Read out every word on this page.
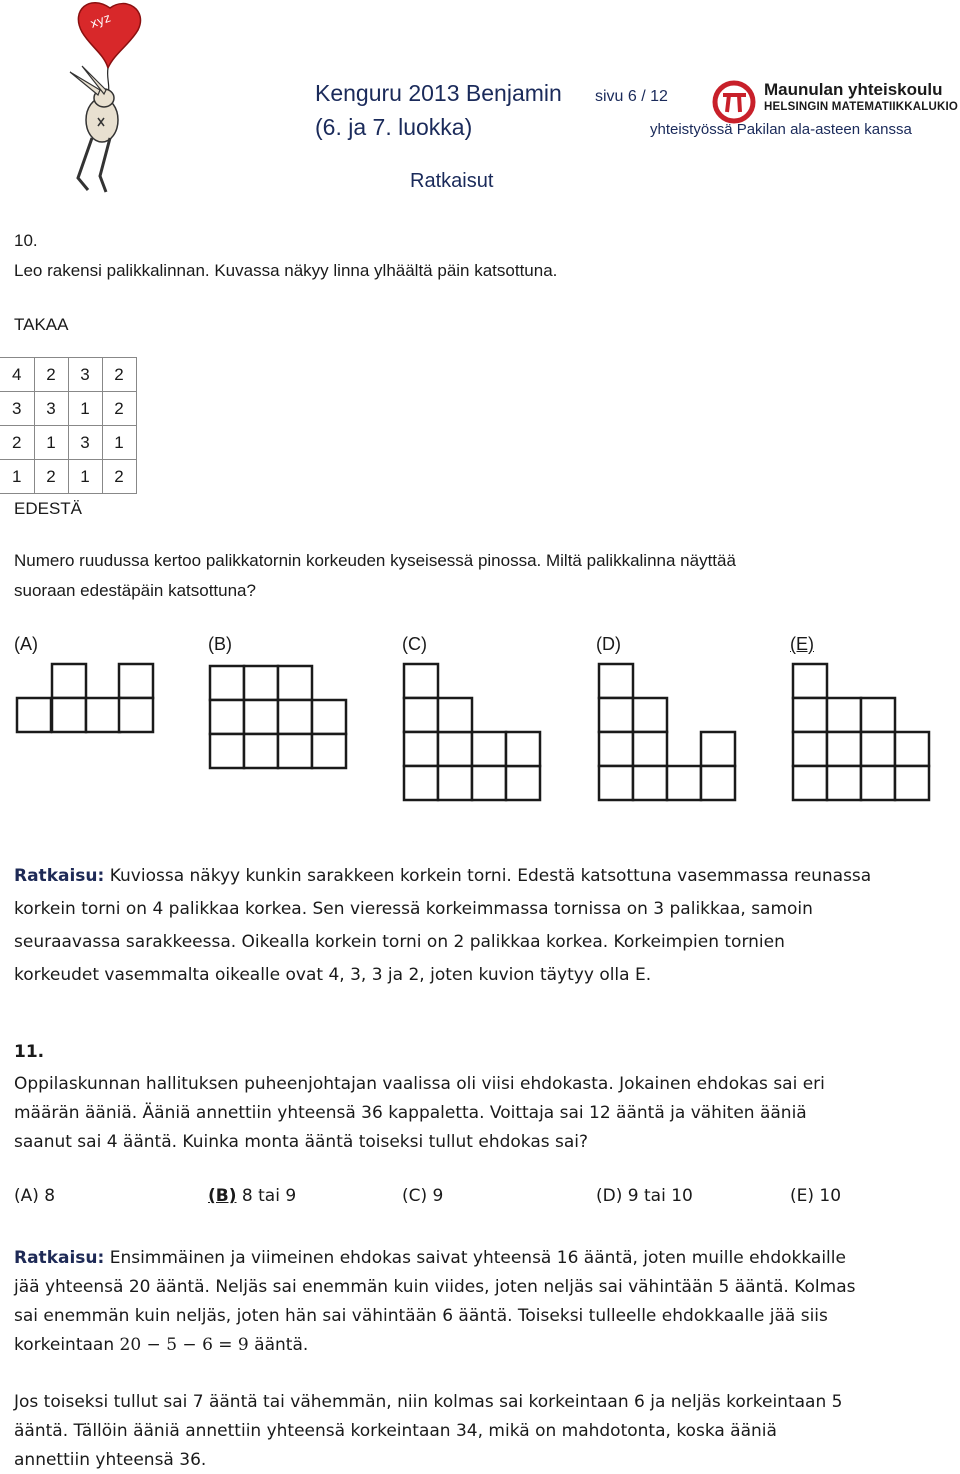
xyz
Kenguru 2013 Benjamin sivu 6 / 12
(6. ja 7. luokka)	yhteistyössä Pakilan ala-asteen kanssa
Ratkaisut
Maunulan yhteiskoulu
HELSINGIN MATEMATIIKKALUKIO
10.
Leo rakensi palikkalinnan. Kuvassa näkyy linna ylhäältä päin katsottuna.
TAKAA
4	2	3	2
3	3	1	2
2	1	3	1
1	2	1	2
EDESTÄ
Numero ruudussa kertoo palikkatornin korkeuden kyseisessä pinossa. Miltä palikkalinna näyttää
suoraan edestäpäin katsottuna?
(A)	(B)	(C)	(D)	(E)
Ratkaisu: Kuviossa näkyy kunkin sarakkeen korkein torni. Edestä katsottuna vasemmassa reunassa
korkein torni on 4 palikkaa korkea. Sen vieressä korkeimmassa tornissa on 3 palikkaa, samoin
seuraavassa sarakkeessa. Oikealla korkein torni on 2 palikkaa korkea. Korkeimpien tornien
korkeudet vasemmalta oikealle ovat 4, 3, 3 ja 2, joten kuvion täytyy olla E.
11.
Oppilaskunnan hallituksen puheenjohtajan vaalissa oli viisi ehdokasta. Jokainen ehdokas sai eri
määrän ääniä. Ääniä annettiin yhteensä 36 kappaletta. Voittaja sai 12 ääntä ja vähiten ääniä
saanut sai 4 ääntä. Kuinka monta ääntä toiseksi tullut ehdokas sai?
(A) 8	(B) 8 tai 9	(C) 9	(D) 9 tai 10	(E) 10
Ratkaisu: Ensimmäinen ja viimeinen ehdokas saivat yhteensä 16 ääntä, joten muille ehdokkaille
jää yhteensä 20 ääntä. Neljäs sai enemmän kuin viides, joten neljäs sai vähintään 5 ääntä. Kolmas
sai enemmän kuin neljäs, joten hän sai vähintään 6 ääntä. Toiseksi tulleelle ehdokkaalle jää siis
korkeintaan 20 − 5 − 6 = 9 ääntä.
Jos toiseksi tullut sai 7 ääntä tai vähemmän, niin kolmas sai korkeintaan 6 ja neljäs korkeintaan 5
ääntä. Tällöin ääniä annettiin yhteensä korkeintaan 34, mikä on mahdotonta, koska ääniä
annettiin yhteensä 36.
